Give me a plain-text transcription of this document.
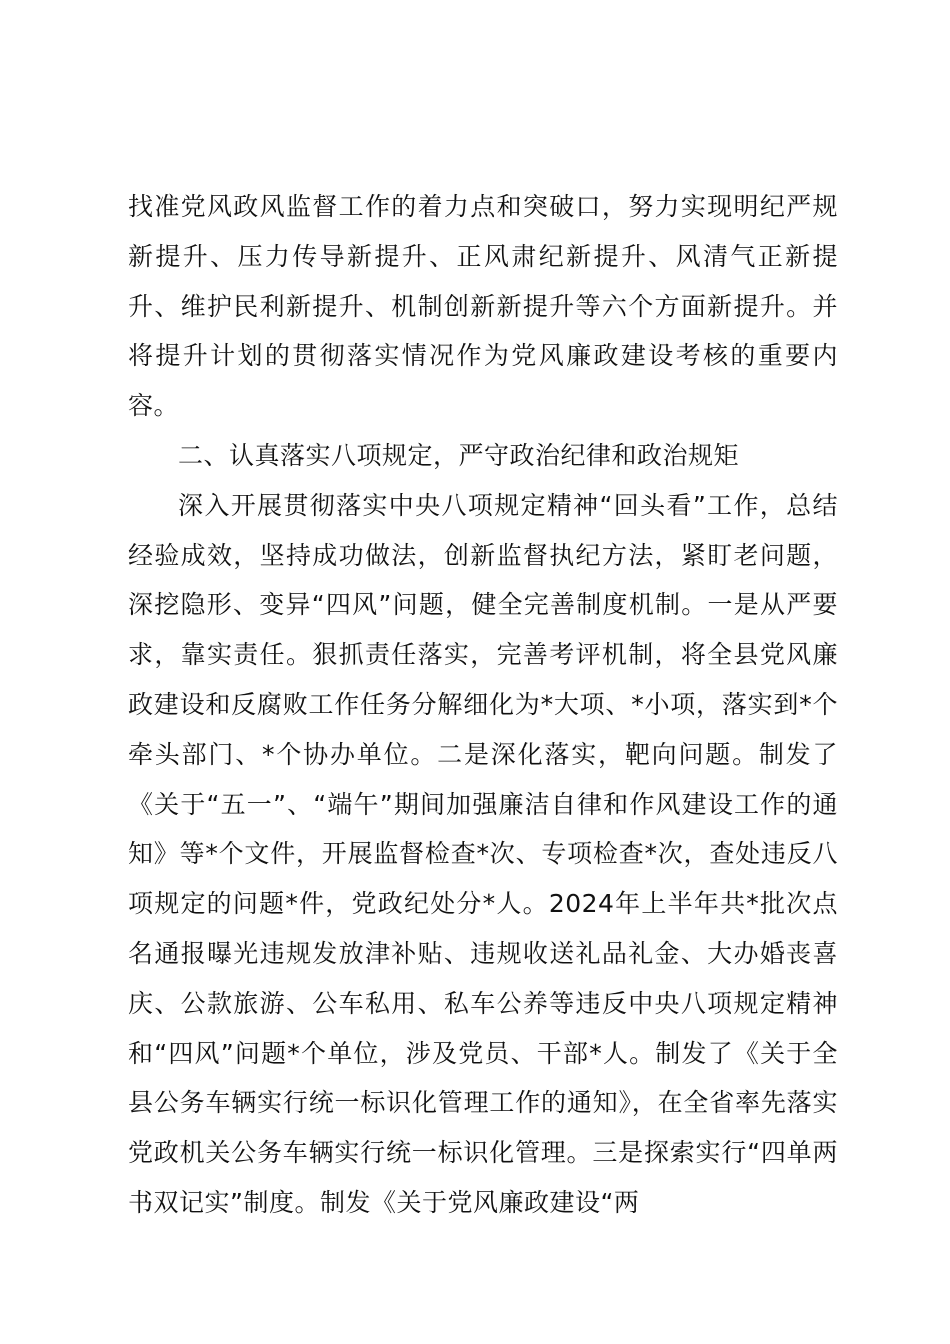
找准党风政风监督工作的着力点和突破口，努力实现明纪严规新提升、压力传导新提升、正风肃纪新提升、风清气正新提升、维护民利新提升、机制创新新提升等六个方面新提升。并将提升计划的贯彻落实情况作为党风廉政建设考核的重要内容。

二、认真落实八项规定，严守政治纪律和政治规矩

深入开展贯彻落实中央八项规定精神“回头看”工作，总结经验成效，坚持成功做法，创新监督执纪方法，紧盯老问题，深挖隐形、变异“四风”问题，健全完善制度机制。一是从严要求，靠实责任。狠抓责任落实，完善考评机制，将全县党风廉政建设和反腐败工作任务分解细化为*大项、*小项，落实到*个牵头部门、*个协办单位。二是深化落实，靶向问题。制发了《关于“五一”、“端午”期间加强廉洁自律和作风建设工作的通知》等*个文件，开展监督检查*次、专项检查*次，查处违反八项规定的问题*件，党政纪处分*人。2024年上半年共*批次点名通报曝光违规发放津补贴、违规收送礼品礼金、大办婚丧喜庆、公款旅游、公车私用、私车公养等违反中央八项规定精神和“四风”问题*个单位，涉及党员、干部*人。制发了《关于全县公务车辆实行统一标识化管理工作的通知》，在全省率先落实党政机关公务车辆实行统一标识化管理。三是探索实行“四单两书双记实”制度。制发《关于党风廉政建设“两
